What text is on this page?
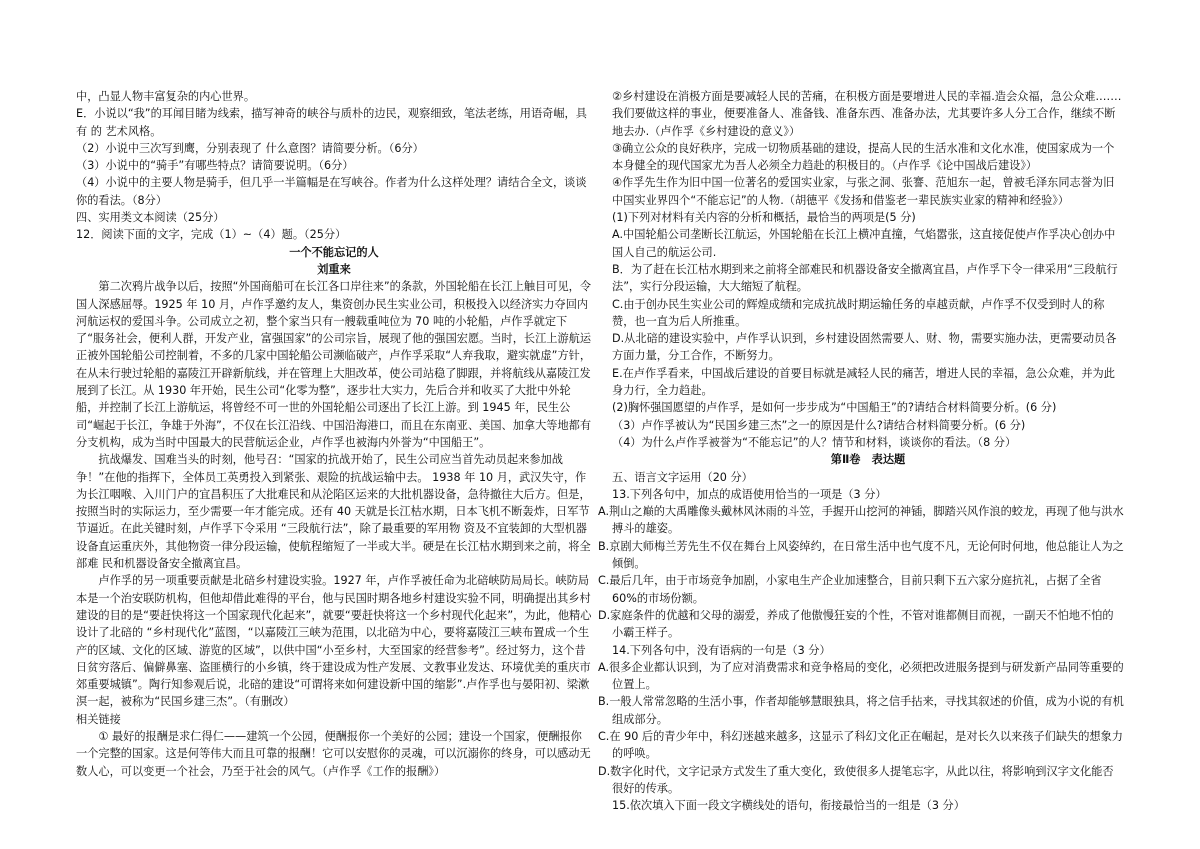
中，凸显人物丰富复杂的内心世界。

E．小说以“我”的耳闻目睹为线索，描写神奇的峡谷与质朴的边民，观察细致，笔法老练，用语奇崛，具有 的 艺术风格。

（2）小说中三次写到鹰，分别表现了 什么意图？请简要分析。（6分）

（3）小说中的“骑手”有哪些特点？请简要说明。（6分）

（4）小说中的主要人物是骑手，但几乎一半篇幅是在写峡谷。作者为什么这样处理？请结合全文，谈谈你的看法。（8分）

四、实用类文本阅读（25分）

12．阅读下面的文字，完成（1）~（4）题。（25分）

一个不能忘记的人

刘重来

第二次鸦片战争以后，按照“外国商船可在长江各口岸往来”的条款，外国轮船在长江上触目可见，令国人深感屈辱。1925 年 10 月，卢作孚邀约友人，集资创办民生实业公司，积极投入以经济实力夺回内河航运权的爱国斗争。公司成立之初，整个家当只有一艘载重吨位为 70 吨的小轮船，卢作孚就定下了“服务社会，便利人群，开发产业，富强国家”的公司宗旨，展现了他的强国宏愿。当时，长江上游航运正被外国轮船公司控制着，不多的几家中国轮船公司濒临破产，卢作孚采取“人弃我取，避实就虚”方针，在从未行驶过轮船的嘉陵江开辟新航线，并在管理上大胆改革，使公司站稳了脚跟，并将航线从嘉陵江发展到了长江。从 1930 年开始，民生公司“化零为整”，逐步壮大实力，先后合并和收买了大批中外轮船，并控制了长江上游航运，将曾经不可一世的外国轮船公司逐出了长江上游。到 1945 年，民生公司“崛起于长江，争雄于外海”，不仅在长江沿线、中国沿海港口，而且在东南亚、美国、加拿大等地都有分支机构，成为当时中国最大的民营航运企业，卢作孚也被海内外誉为“中国船王”。

抗战爆发、国难当头的时刻，他号召：“国家的抗战开始了，民生公司应当首先动员起来参加战争！”在他的指挥下，全体员工英勇投入到紧张、艰险的抗战运输中去。 1938 年 10 月，武汉失守，作为长江咽喉、入川门户的宜昌积压了大批难民和从沦陷区运来的大批机器设备，急待撤往大后方。但是，按照当时的实际运力，至少需要一年才能完成。还有 40 天就是长江枯水期，日本飞机不断轰炸，日军节节逼近。在此关键时刻，卢作孚下令采用 “三段航行法”，除了最重要的军用物 资及不宜装卸的大型机器设备直运重庆外，其他物资一律分段运输，使航程缩短了一半或大半。硬是在长江枯水期到来之前，将全部难 民和机器设备安全撤离宜昌。

卢作孚的另一项重要贡献是北碚乡村建设实验。1927 年，卢作孚被任命为北碚峡防局局长。峡防局本是一个治安联防机构，但他却借此难得的平台，他与民国时期各地乡村建设实验不同，明确提出其乡村建设的目的是“要赶快将这一个国家现代化起来”，就要“要赶快将这一个乡村现代化起来”，为此，他精心设计了北碚的 “乡村现代化”蓝图，“以嘉陵江三峡为范围，以北碚为中心，要将嘉陵江三峡布置成一个生产的区域、文化的区域、游览的区域”，以供中国“小至乡村，大至国家的经营参考”。经过努力，这个昔日贫穷落后、偏僻鼻塞、盗匪横行的小乡镇，终于建设成为性产发展、文教事业发达、环境优美的重庆市郊重要城镇”。陶行知参观后说，北碚的建设“可谓将来如何建设新中国的缩影”.卢作孚也与晏阳初、梁漱溟一起，被称为“民国乡建三杰”。（有删改）

相关链接

① 最好的报酬是求仁得仁——建筑一个公园，便酬报你一个美好的公园；建设一个国家，便酬报你一个完整的国家。这是何等伟大而且可靠的报酬！它可以安慰你的灵魂，可以沉溺你的终身，可以感动无数人心，可以变更一个社会，乃至于社会的风气。（卢作孚《工作的报酬》）

②乡村建设在消极方面是要减轻人民的苦痛，在积极方面是要增进人民的幸福.造会众福，急公众难.……我们要做这样的事业，便要准备人、准备钱、准备东西、准备办法，尤其要许多人分工合作，继续不断地去办.（卢作孚《乡村建设的意义》）

③确立公众的良好秩序，完成一切物质基础的建设，提高人民的生活水准和文化水准，使国家成为一个本身健全的现代国家尤为吾人必须全力趋赴的积极目的。（卢作孚《论中国战后建设》）

④作孚先生作为旧中国一位著名的爱国实业家，与张之洞、张謇、范旭东一起，曾被毛泽东同志誉为旧中国实业界四个“不能忘记”的人物.（胡德平《发扬和借鉴老一辈民族实业家的精神和经验》）

(1)下列对材料有关内容的分析和概括，最恰当的两项是(5 分)

A.中国轮船公司垄断长江航运，外国轮船在长江上横冲直撞，气焰嚣张，这直接促使卢作孚决心创办中国人自己的航运公司.

B．为了赶在长江枯水期到来之前将全部难民和机器设备安全撤离宜昌，卢作孚下令一律采用“三段航行法”，实行分段运输，大大缩短了航程。

C.由于创办民生实业公司的辉煌成绩和完成抗战时期运输任务的卓越贡献，卢作孚不仅受到时人的称赞，也一直为后人所推重。

D.从北碚的建设实验中，卢作孚认识到，乡村建设固然需要人、财、物，需要实施办法，更需要动员各方面力量，分工合作，不断努力。

E.在卢作孚看来，中国战后建设的首要目标就是减轻人民的痛苦，增进人民的幸福，急公众难，并为此身力行，全力趋赴。

(2)胸怀强国愿望的卢作孚，是如何一步步成为“中国船王”的?请结合材料简要分析。(6 分)

（3）卢作孚被认为“民国乡建三杰”之一的原因是什么?请结合材料简要分析。(6 分)

（4）为什么卢作孚被誉为“不能忘记”的人？情节和材料，谈谈你的看法。（8 分）

第Ⅱ卷　表达题

五、语言文字运用（20 分）

13.下列各句中，加点的成语使用恰当的一项是（3 分）

A.荆山之巅的大禹雕像头戴林风沐雨的斗笠，手握开山挖河的神锸，脚踏兴风作浪的蛟龙，再现了他与洪水搏斗的雄姿。

B.京剧大师梅兰芳先生不仅在舞台上风姿绰约，在日常生活中也气度不凡，无论何时何地，他总能让人为之倾倒。

C.最后几年，由于市场竞争加剧，小家电生产企业加速整合，目前只剩下五六家分庭抗礼，占据了全省 60%的市场份额。

D.家庭条件的优越和父母的溺爱，养成了他傲慢狂妄的个性，不管对谁都侧目而视，一副天不怕地不怕的小霸王样子。

14.下列各句中，没有语病的一句是（3 分）

A.很多企业都认识到，为了应对消费需求和竞争格局的变化，必须把改进服务提到与研发新产品同等重要的位置上。

B.一般人常常忽略的生活小事，作者却能够慧眼独具，将之信手拈来，寻找其叙述的价值，成为小说的有机组成部分。

C.在 90 后的青少年中，科幻迷越来越多，这显示了科幻文化正在崛起，是对长久以来孩子们缺失的想象力的呼唤。

D.数字化时代，文字记录方式发生了重大变化，致使很多人提笔忘字，从此以往，将影响到汉字文化能否很好的传承。

15.依次填入下面一段文字横线处的语句，衔接最恰当的一组是（3 分）
